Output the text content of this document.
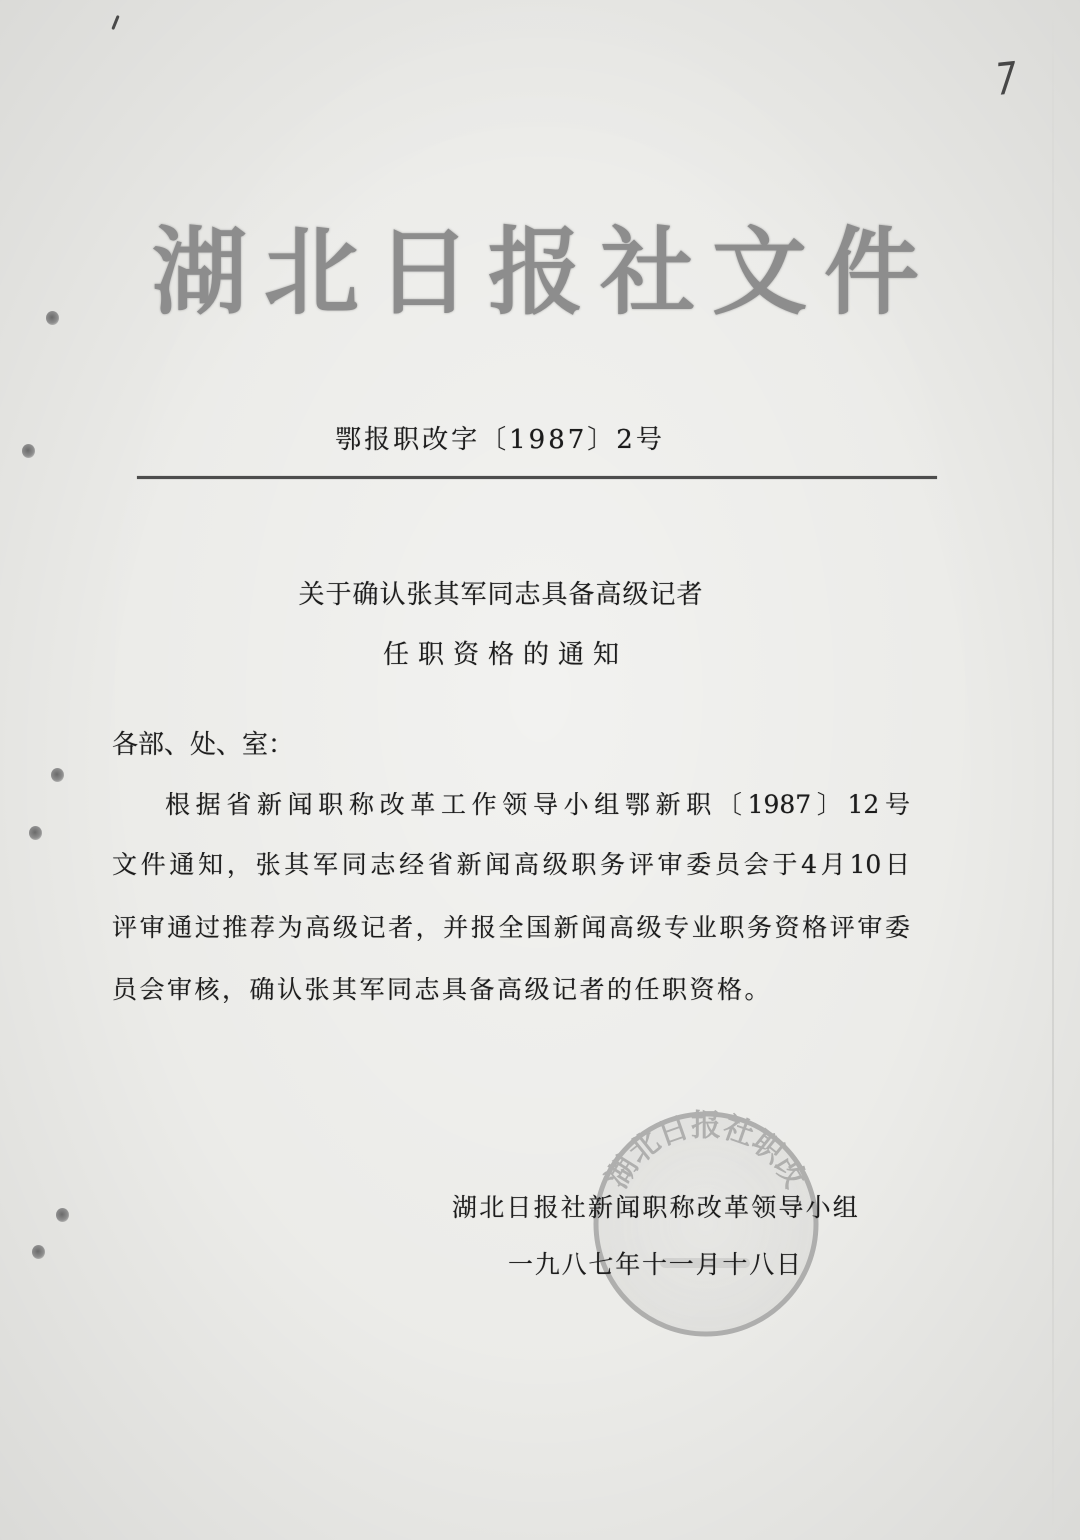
7
湖北日报社文件
鄂报职改字〔1987〕2号
关于确认张其军同志具备高级记者
任职资格的通知
各部、处、室：
根据省新闻职称改革工作领导小组鄂新职〔1987〕12号
文件通知，张其军同志经省新闻高级职务评审委员会于4月10日
评审通过推荐为高级记者，并报全国新闻高级专业职务资格评审委
员会审核，确认张其军同志具备高级记者的任职资格。
湖北日报社职改
湖北日报社新闻职称改革领导小组
一九八七年十一月十八日
